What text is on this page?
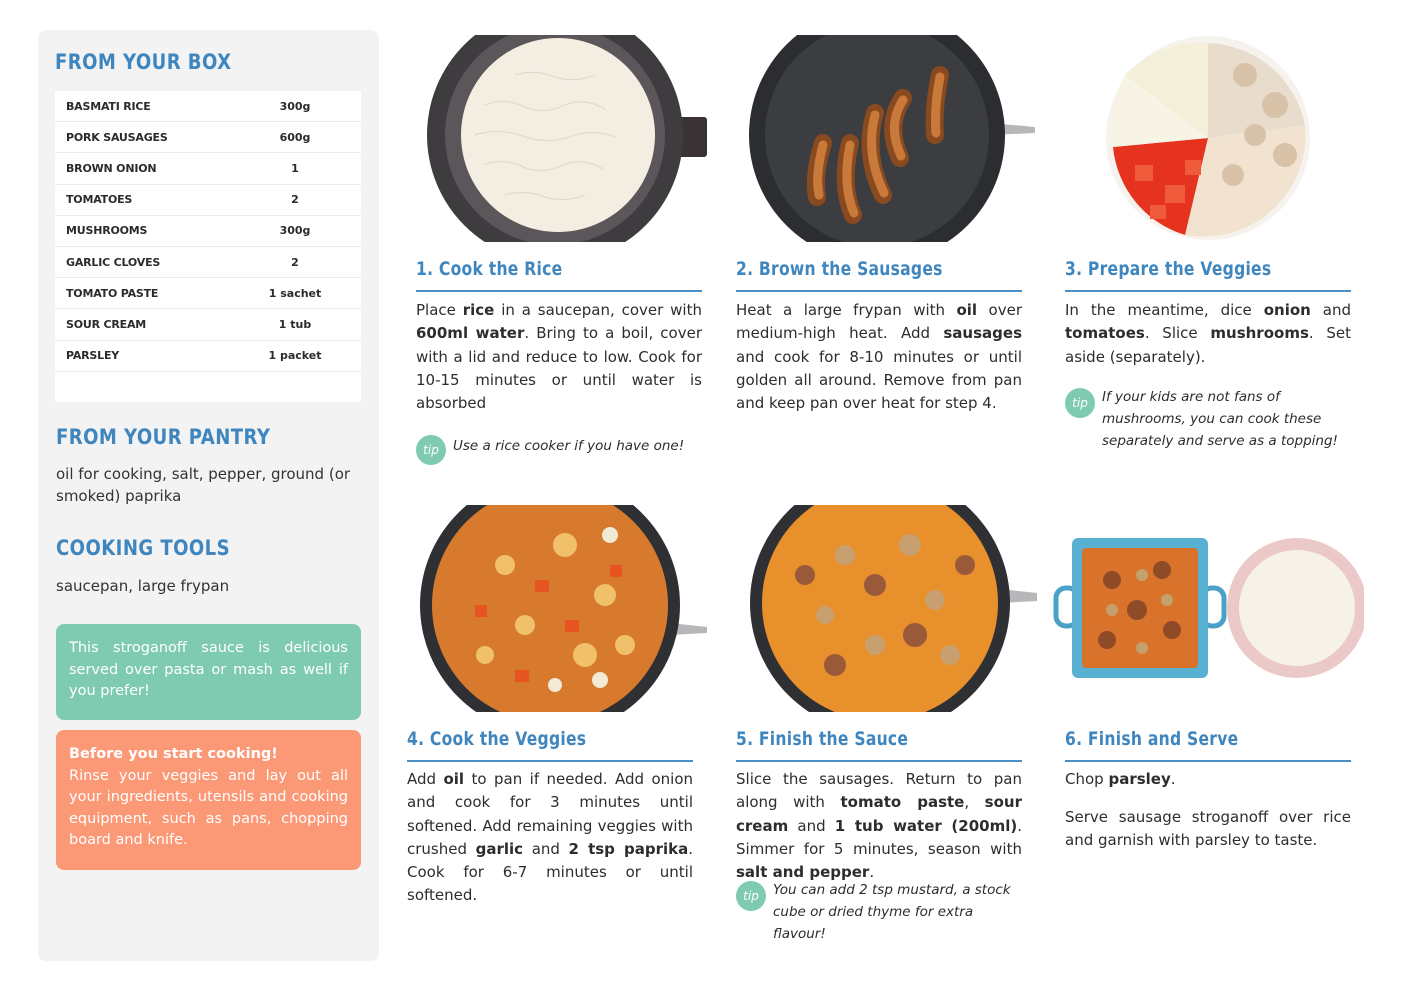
FROM YOUR BOX
BASMATI RICE	300g
PORK SAUSAGES	600g
BROWN ONION	1
TOMATOES	2
MUSHROOMS	300g
GARLIC CLOVES	2
TOMATO PASTE	1 sachet
SOUR CREAM	1 tub
PARSLEY	1 packet
FROM YOUR PANTRY
oil for cooking, salt, pepper, ground (or smoked) paprika
COOKING TOOLS
saucepan, large frypan
This stroganoff sauce is delicious served over pasta or mash as well if you prefer!
Before you start cooking!
Rinse your veggies and lay out all your ingredients, utensils and cooking equipment, such as pans, chopping board and knife.
1. Cook the Rice
Place rice in a saucepan, cover with 600ml water. Bring to a boil, cover with a lid and reduce to low. Cook for 10-15 minutes or until water is absorbed
tip	Use a rice cooker if you have one!
2. Brown the Sausages
Heat a large frypan with oil over medium-high heat. Add sausages and cook for 8-10 minutes or until golden all around. Remove from pan and keep pan over heat for step 4.
3. Prepare the Veggies
In the meantime, dice onion and tomatoes. Slice mushrooms. Set aside (separately).
tip	If your kids are not fans of mushrooms, you can cook these separately and serve as a topping!
4. Cook the Veggies
Add oil to pan if needed. Add onion and cook for 3 minutes until softened. Add remaining veggies with crushed garlic and 2 tsp paprika. Cook for 6-7 minutes or until softened.
5. Finish the Sauce
Slice the sausages. Return to pan along with tomato paste, sour cream and 1 tub water (200ml). Simmer for 5 minutes, season with salt and pepper.
tip	You can add 2 tsp mustard, a stock cube or dried thyme for extra flavour!
6. Finish and Serve
Chop parsley.
Serve sausage stroganoff over rice and garnish with parsley to taste.
